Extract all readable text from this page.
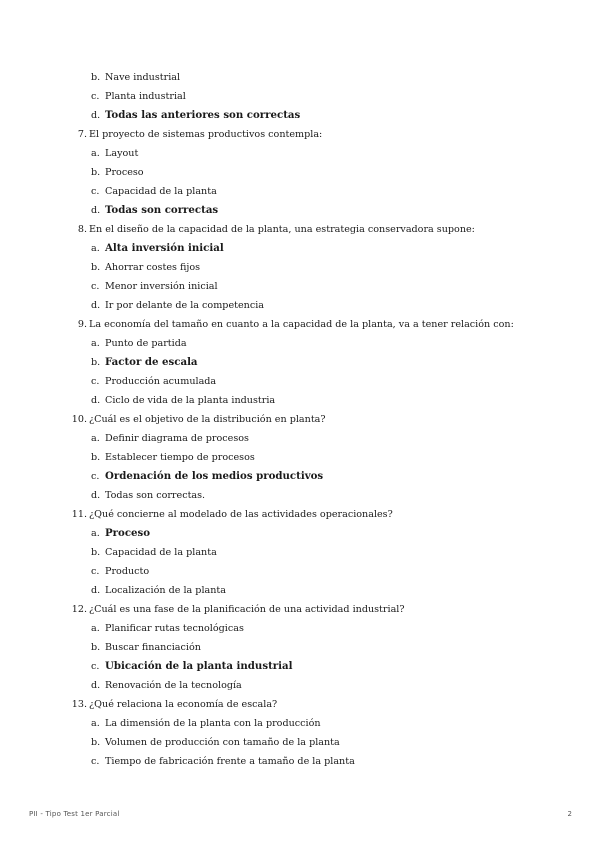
b. Nave industrial
c. Planta industrial
d. Todas las anteriores son correctas
7. El proyecto de sistemas productivos contempla:
a. Layout
b. Proceso
c. Capacidad de la planta
d. Todas son correctas
8. En el diseño de la capacidad de la planta, una estrategia conservadora supone:
a. Alta inversión inicial
b. Ahorrar costes fijos
c. Menor inversión inicial
d. Ir por delante de la competencia
9. La economía del tamaño en cuanto a la capacidad de la planta, va a tener relación con:
a. Punto de partida
b. Factor de escala
c. Producción acumulada
d. Ciclo de vida de la planta industria
10. ¿Cuál es el objetivo de la distribución en planta?
a. Definir diagrama de procesos
b. Establecer tiempo de procesos
c. Ordenación de los medios productivos
d. Todas son correctas.
11. ¿Qué concierne al modelado de las actividades operacionales?
a. Proceso
b. Capacidad de la planta
c. Producto
d. Localización de la planta
12. ¿Cuál es una fase de la planificación de una actividad industrial?
a. Planificar rutas tecnológicas
b. Buscar financiación
c. Ubicación de la planta industrial
d. Renovación de la tecnología
13. ¿Qué relaciona la economía de escala?
a. La dimensión de la planta con la producción
b. Volumen de producción con tamaño de la planta
c. Tiempo de fabricación frente a tamaño de la planta
PII - Tipo Test 1er Parcial	2
